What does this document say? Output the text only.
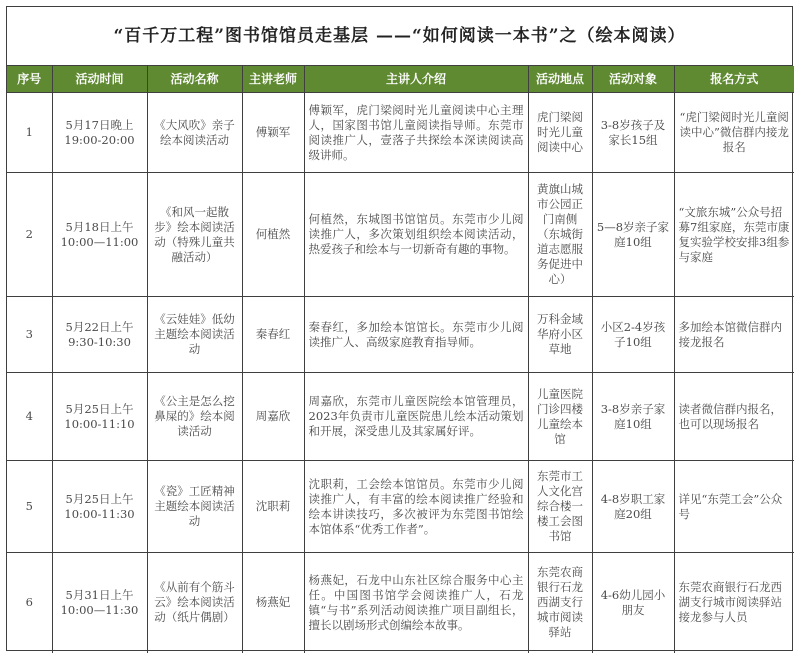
“百千万工程”图书馆馆员走基层 ——“如何阅读一本书”之（绘本阅读）
序号	活动时间	活动名称	主讲老师	主讲人介绍	活动地点	活动对象	报名方式
1	5月17日晚上19:00-20:00	《大风吹》亲子绘本阅读活动	傅颖军	傅颖军，虎门梁阅时光儿童阅读中心主理人，国家图书馆儿童阅读指导师。东莞市阅读推广人，壹落子共探绘本深读阅读高级讲师。	虎门梁阅时光儿童阅读中心	3-8岁孩子及家长15组	“虎门梁阅时光儿童阅读中心”微信群内接龙报名
2	5月18日上午10:00—11:00	《和风一起散步》绘本阅读活动（特殊儿童共融活动）	何植然	何植然，东城图书馆馆员。东莞市少儿阅读推广人，多次策划组织绘本阅读活动，热爱孩子和绘本与一切新奇有趣的事物。	黄旗山城市公园正门南侧（东城街道志愿服务促进中心）	5—8岁亲子家庭10组	“文旅东城”公众号招募7组家庭，东莞市康复实验学校安排3组参与家庭
3	5月22日上午9:30-10:30	《云娃娃》低幼主题绘本阅读活动	秦春红	秦春红，多加绘本馆馆长。东莞市少儿阅读推广人、高级家庭教育指导师。	万科金域华府小区草地	小区2-4岁孩子10组	多加绘本馆微信群内接龙报名
4	5月25日上午10:00-11:10	《公主是怎么挖鼻屎的》绘本阅读活动	周嘉欣	周嘉欣，东莞市儿童医院绘本馆管理员，2023年负责市儿童医院患儿绘本活动策划和开展，深受患儿及其家属好评。	儿童医院门诊四楼儿童绘本馆	3-8岁亲子家庭10组	读者微信群内报名，也可以现场报名
5	5月25日上午10:00-11:30	《瓷》工匠精神主题绘本阅读活动	沈职莉	沈职莉，工会绘本馆馆员。东莞市少儿阅读推广人，有丰富的绘本阅读推广经验和绘本讲读技巧，多次被评为东莞图书馆绘本馆体系“优秀工作者”。	东莞市工人文化宫综合楼一楼工会图书馆	4-8岁职工家庭20组	详见“东莞工会”公众号
6	5月31日上午10:00—11:30	《从前有个筋斗云》绘本阅读活动（纸片偶剧）	杨燕妃	杨燕妃，石龙中山东社区综合服务中心主任。中国图书馆学会阅读推广人，石龙镇“与书”系列活动阅读推广项目副组长，擅长以剧场形式创编绘本故事。	东莞农商银行石龙西湖支行城市阅读驿站	4-6幼儿园小朋友	东莞农商银行石龙西湖支行城市阅读驿站接龙参与人员
